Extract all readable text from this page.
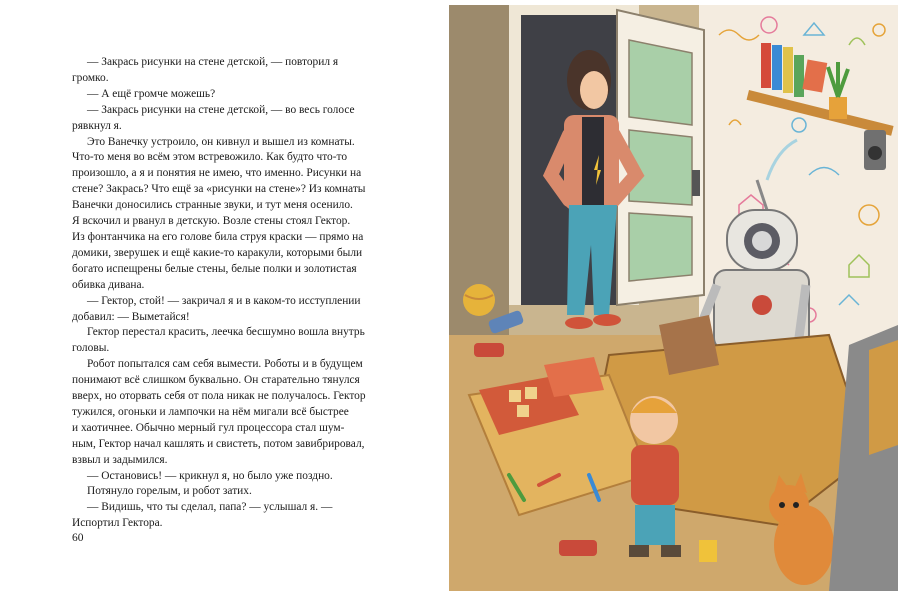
— Закрась рисунки на стене детской, — повторил я
громко.

— А ещё громче можешь?

— Закрась рисунки на стене детской, — во весь голосе
рявкнул я.

Это Ванечку устроило, он кивнул и вышел из комнаты.
Что-то меня во всём этом встревожило. Как будто что-то
произошло, а я и понятия не имею, что именно. Рисунки на
стене? Закрась? Что ещё за «рисунки на стене»? Из комнаты
Ванечки доносились странные звуки, и тут меня осенило.
Я вскочил и рванул в детскую. Возле стены стоял Гектор.
Из фонтанчика на его голове била струя краски — прямо на
домики, зверушек и ещё какие-то каракули, которыми были
богато испещрены белые стены, белые полки и золотистая
обивка дивана.

— Гектор, стой! — закричал я и в каком-то исступлении
добавил: — Выметайся!

Гектор перестал красить, леечка бесшумно вошла внутрь
головы.

Робот попытался сам себя вымести. Роботы и в будущем
понимают всё слишком буквально. Он старательно тянулся
вверх, но оторвать себя от пола никак не получалось. Гектор
тужился, огоньки и лампочки на нём мигали всё быстрее
и хаотичнее. Обычно мерный гул процессора стал шум-
ным, Гектор начал кашлять и свистеть, потом завибрировал,
взвыл и задымился.

— Остановись! — крикнул я, но было уже поздно.

Потянуло горелым, и робот затих.

— Видишь, что ты сделал, папа? — услышал я. —
Испортил Гектора.

60
